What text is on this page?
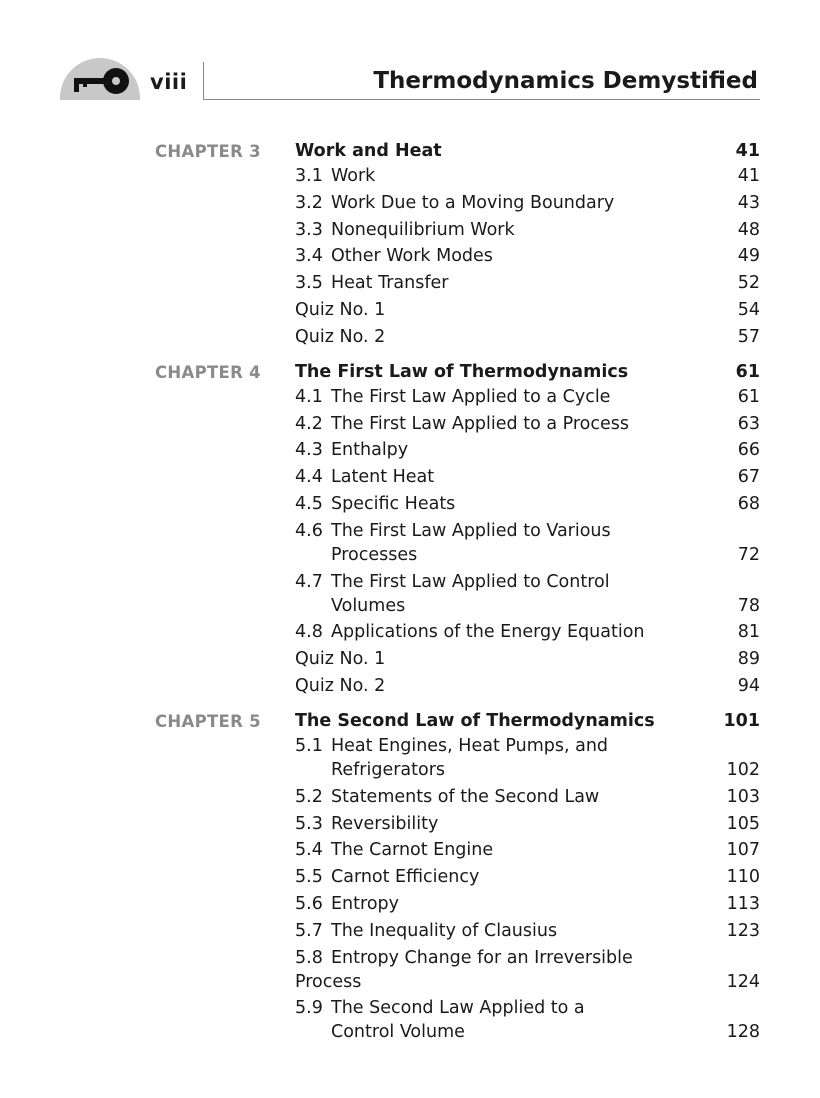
viii	Thermodynamics Demystified
CHAPTER 3 Work and Heat	41
3.1 Work	41
3.2 Work Due to a Moving Boundary	43
3.3 Nonequilibrium Work	48
3.4 Other Work Modes	49
3.5 Heat Transfer	52
Quiz No. 1	54
Quiz No. 2	57
CHAPTER 4 The First Law of Thermodynamics	61
4.1 The First Law Applied to a Cycle	61
4.2 The First Law Applied to a Process	63
4.3 Enthalpy	66
4.4 Latent Heat	67
4.5 Specific Heats	68
4.6 The First Law Applied to Various
Processes	72
4.7 The First Law Applied to Control
Volumes	78
4.8 Applications of the Energy Equation	81
Quiz No. 1	89
Quiz No. 2	94
CHAPTER 5 The Second Law of Thermodynamics	101
5.1 Heat Engines, Heat Pumps, and
Refrigerators	102
5.2 Statements of the Second Law	103
5.3 Reversibility	105
5.4 The Carnot Engine	107
5.5 Carnot Efficiency	110
5.6 Entropy	113
5.7 The Inequality of Clausius	123
5.8 Entropy Change for an Irreversible Process	124
5.9 The Second Law Applied to a
Control Volume	128
